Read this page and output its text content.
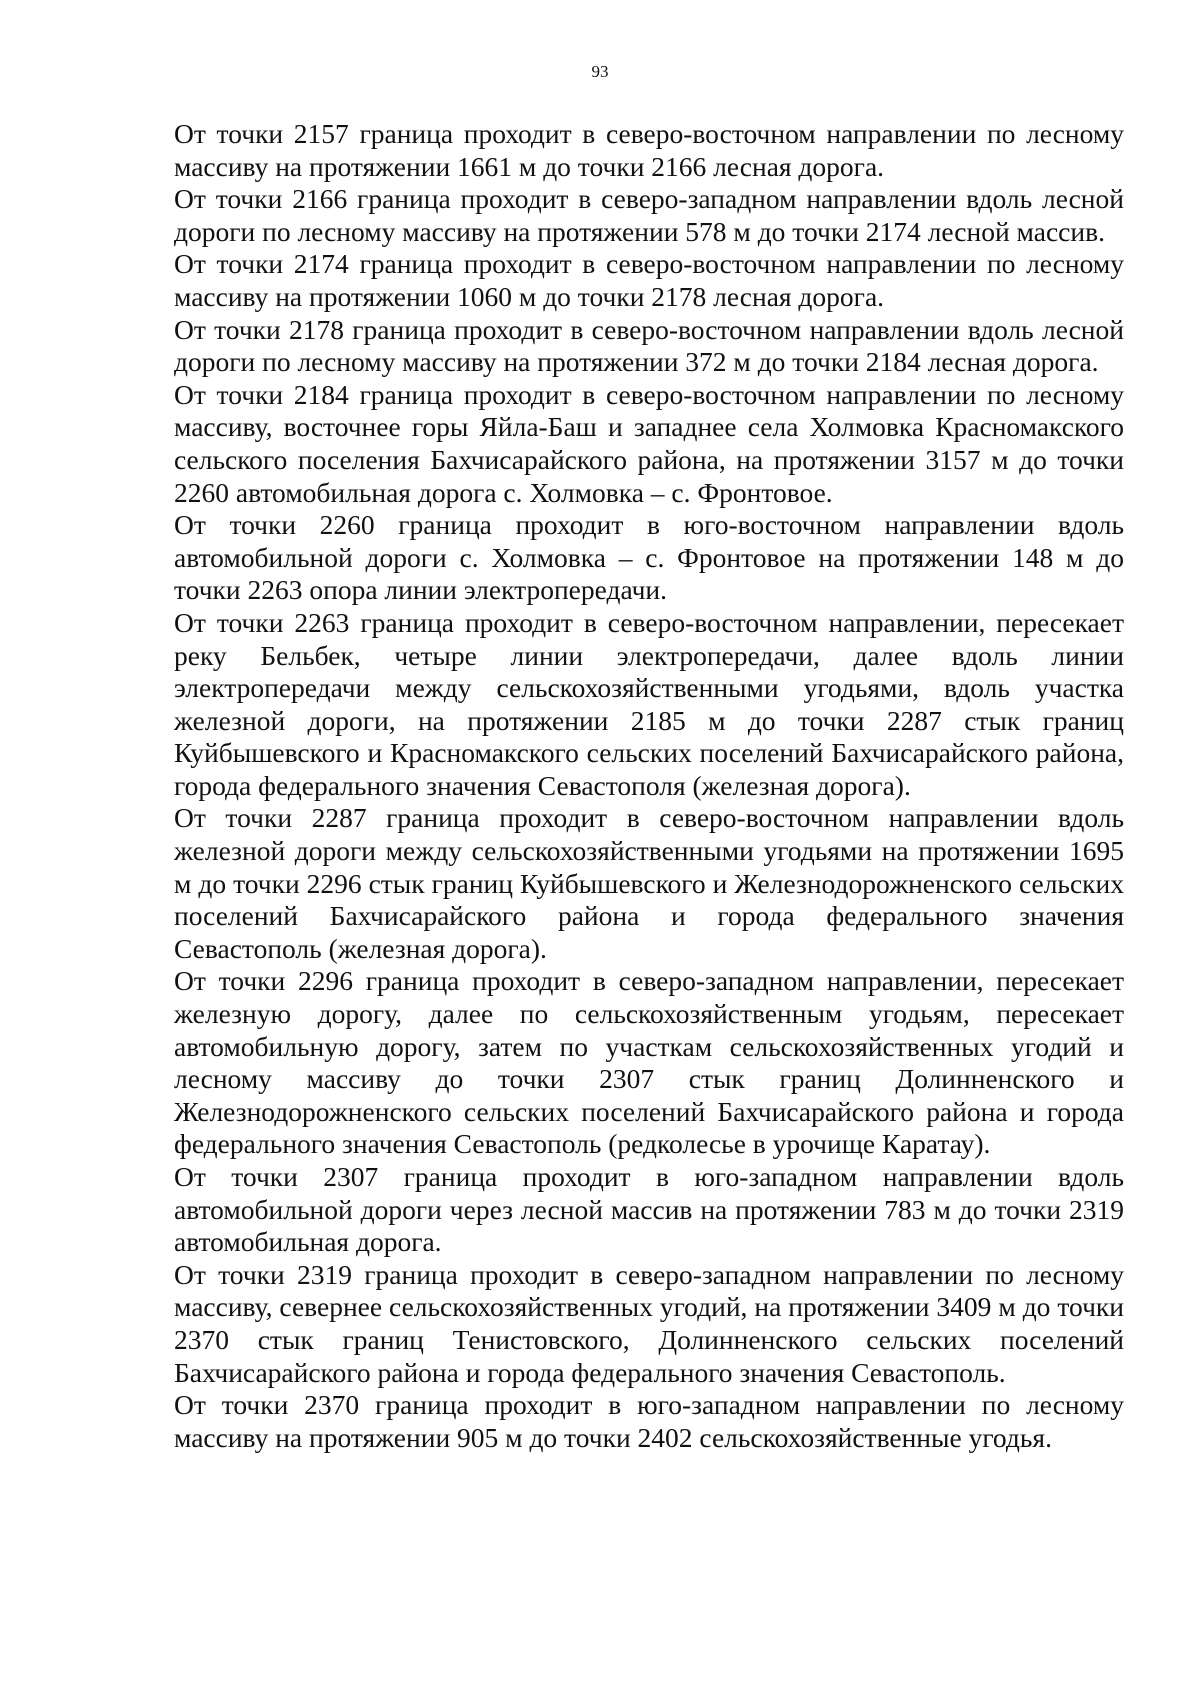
93

От точки 2157 граница проходит в северо-восточном направлении по лесному массиву на протяжении 1661 м до точки 2166 лесная дорога.

От точки 2166 граница проходит в северо-западном направлении вдоль лесной дороги по лесному массиву на протяжении 578 м до точки 2174 лесной массив.

От точки 2174 граница проходит в северо-восточном направлении по лесному массиву на протяжении 1060 м до точки 2178 лесная дорога.

От точки 2178 граница проходит в северо-восточном направлении вдоль лесной дороги по лесному массиву на протяжении 372 м до точки 2184 лесная дорога.

От точки 2184 граница проходит в северо-восточном направлении по лесному массиву, восточнее горы Яйла-Баш и западнее села Холмовка Красномакского сельского поселения Бахчисарайского района, на протяжении 3157 м до точки 2260 автомобильная дорога с. Холмовка – с. Фронтовое.

От точки 2260 граница проходит в юго-восточном направлении вдоль автомобильной дороги с. Холмовка – с. Фронтовое на протяжении 148 м до точки 2263 опора линии электропередачи.

От точки 2263 граница проходит в северо-восточном направлении, пересекает реку Бельбек, четыре линии электропередачи, далее вдоль линии электропередачи между сельскохозяйственными угодьями, вдоль участка железной дороги, на протяжении 2185 м до точки 2287 стык границ Куйбышевского и Красномакского сельских поселений Бахчисарайского района, города федерального значения Севастополя (железная дорога).

От точки 2287 граница проходит в северо-восточном направлении вдоль железной дороги между сельскохозяйственными угодьями на протяжении 1695 м до точки 2296 стык границ Куйбышевского и Железнодорожненского сельских поселений Бахчисарайского района и города федерального значения Севастополь (железная дорога).

От точки 2296 граница проходит в северо-западном направлении, пересекает железную дорогу, далее по сельскохозяйственным угодьям, пересекает автомобильную дорогу, затем по участкам сельскохозяйственных угодий и лесному массиву до точки 2307 стык границ Долинненского и Железнодорожненского сельских поселений Бахчисарайского района и города федерального значения Севастополь (редколесье в урочище Каратау).

От точки 2307 граница проходит в юго-западном направлении вдоль автомобильной дороги через лесной массив на протяжении 783 м до точки 2319 автомобильная дорога.

От точки 2319 граница проходит в северо-западном направлении по лесному массиву, севернее сельскохозяйственных угодий, на протяжении 3409 м до точки 2370 стык границ Тенистовского, Долинненского сельских поселений Бахчисарайского района и города федерального значения Севастополь.

От точки 2370 граница проходит в юго-западном направлении по лесному массиву на протяжении 905 м до точки 2402 сельскохозяйственные угодья.
